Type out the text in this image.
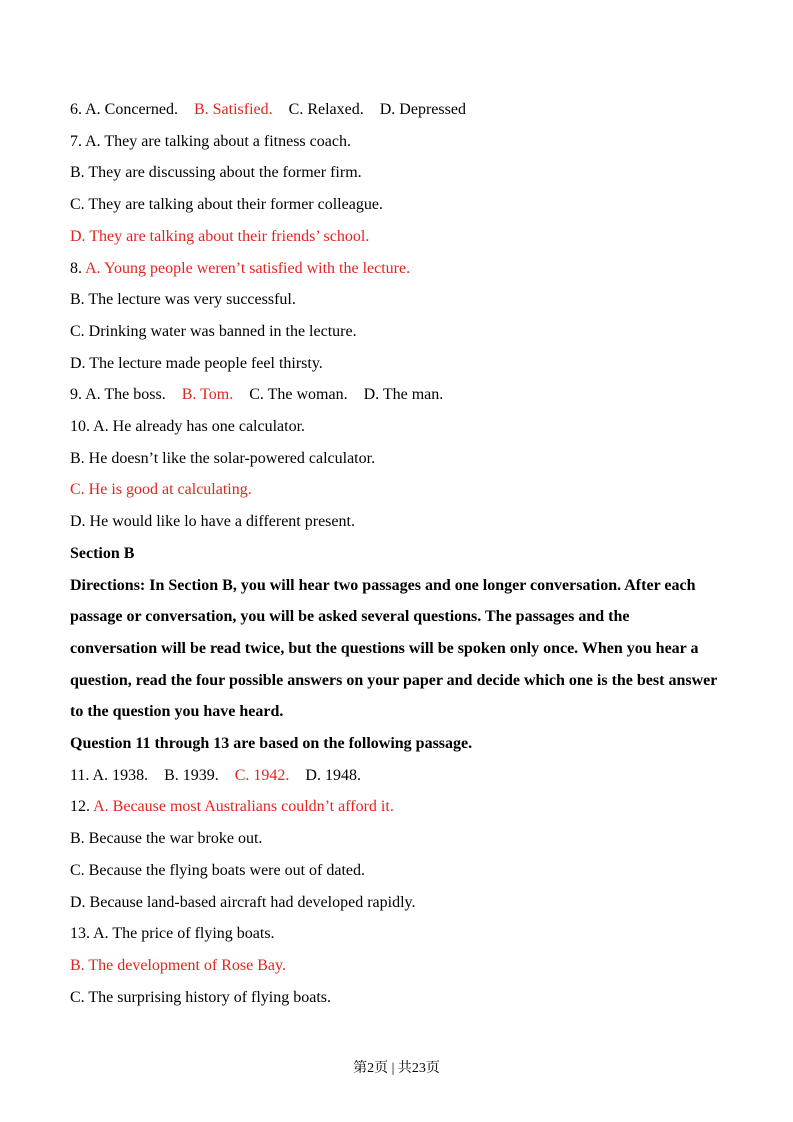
6. A. Concerned.    B. Satisfied.    C. Relaxed.    D. Depressed
7. A. They are talking about a fitness coach.
B. They are discussing about the former firm.
C. They are talking about their former colleague.
D. They are talking about their friends’ school.
8. A. Young people weren’t satisfied with the lecture.
B. The lecture was very successful.
C. Drinking water was banned in the lecture.
D. The lecture made people feel thirsty.
9. A. The boss.    B. Tom.    C. The woman.    D. The man.
10. A. He already has one calculator.
B. He doesn’t like the solar-powered calculator.
C. He is good at calculating.
D. He would like lo have a different present.
Section B
Directions: In Section B, you will hear two passages and one longer conversation. After each
passage or conversation, you will be asked several questions. The passages and the
conversation will be read twice, but the questions will be spoken only once. When you hear a
question, read the four possible answers on your paper and decide which one is the best answer
to the question you have heard.
Question 11 through 13 are based on the following passage.
11. A. 1938.    B. 1939.    C. 1942.    D. 1948.
12. A. Because most Australians couldn’t afford it.
B. Because the war broke out.
C. Because the flying boats were out of dated.
D. Because land-based aircraft had developed rapidly.
13. A. The price of flying boats.
B. The development of Rose Bay.
C. The surprising history of flying boats.
第2页 | 共23页
